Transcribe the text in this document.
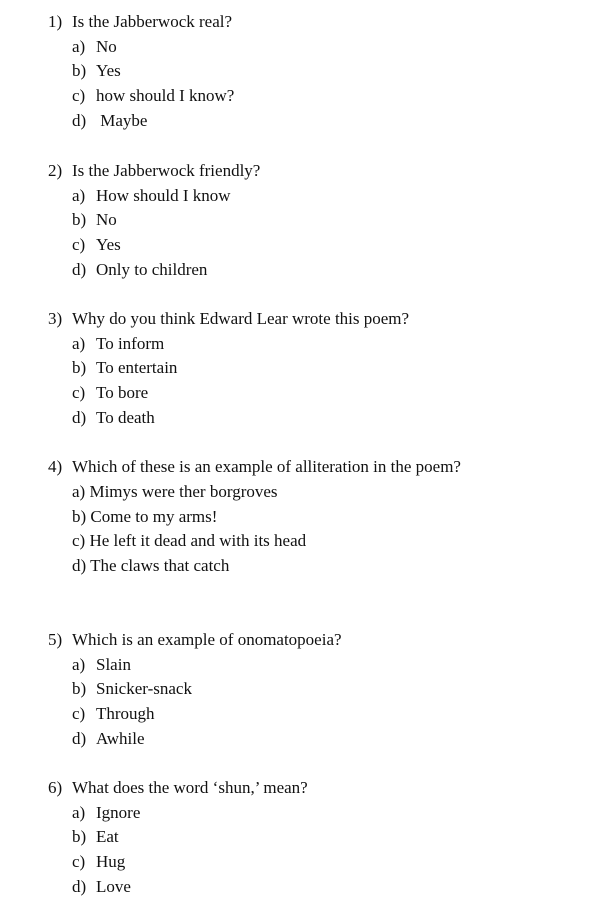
1) Is the Jabberwock real?
a) No
b) Yes
c) how should I know?
d) Maybe
2) Is the Jabberwock friendly?
a) How should I know
b) No
c) Yes
d) Only to children
3) Why do you think Edward Lear wrote this poem?
a) To inform
b) To entertain
c) To bore
d) To death
4) Which of these is an example of alliteration in the poem?
a) Mimys were ther borgroves
b) Come to my arms!
c) He left it dead and with its head
d) The claws that catch
5) Which is an example of onomatopoeia?
a) Slain
b) Snicker-snack
c) Through
d) Awhile
6) What does the word ‘shun,’ mean?
a) Ignore
b) Eat
c) Hug
d) Love
